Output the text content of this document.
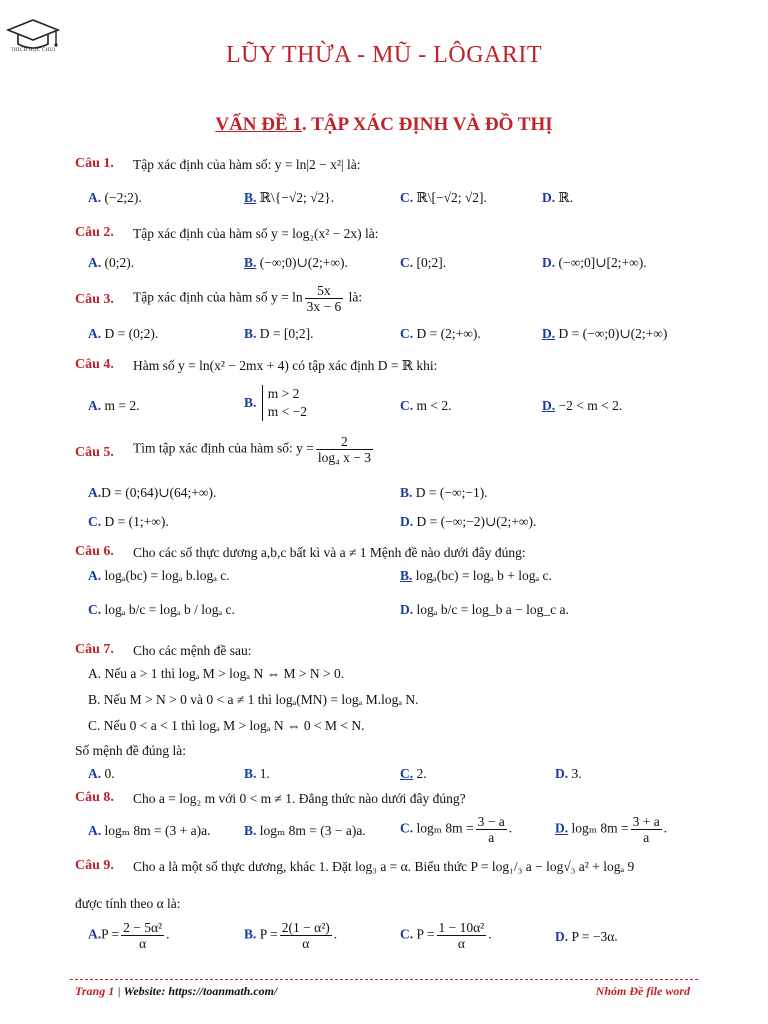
THÍCH HỌC CHUI	LŨY THỪA - MŨ - LÔGARIT
VẤN ĐỀ 1. TẬP XÁC ĐỊNH VÀ ĐỒ THỊ
Câu 1. Tập xác định của hàm số: y = ln|2 − x²| là:
A. (−2;2).	B. ℝ\{−√2; √2}.	C. ℝ\[−√2; √2].	D. ℝ.
Câu 2. Tập xác định của hàm số y = log₂(x² − 2x) là:
A. (0;2).	B. (−∞;0)∪(2;+∞).	C. [0;2].	D. (−∞;0]∪[2;+∞).
Câu 3. Tập xác định của hàm số $y = \ln \frac{5x}{3x - 6}$ là:
A. D = (0;2).	B. D = [0;2].	C. D = (2;+∞).	D. D = (−∞;0)∪(2;+∞)
Câu 4. Hàm số y = ln(x² − 2mx + 4) có tập xác định D = ℝ khi:
A. m = 2.	B.
m > 2
m < −2	C. m < 2.	D. −2 < m < 2.
Câu 5. Tìm tập xác định của hàm số: $y = \frac{2}{\text{log₄ x − 3}}$
A.D = (0;64)∪(64;+∞).	B. D = (−∞;−1).
C. D = (1;+∞).	D. D = (−∞;−2)∪(2;+∞).
Câu 6. Cho các số thực dương a,b,c bất kì và a ≠ 1 Mệnh đề nào dưới đây đúng:
A. logₐ(bc) = logₐ b.logₐ c.	B. logₐ(bc) = logₐ b + logₐ c.
C. logₐ b/c = logₐ b / logₐ c.	D. logₐ b/c = log_b a − log_c a.
Câu 7. Cho các mệnh đề sau:
A. Nếu a > 1 thì logₐ M > logₐ N ⇔ M > N > 0.
B. Nếu M > N > 0 và 0 < a ≠ 1 thì logₐ(MN) = logₐ M.logₐ N.
C. Nếu 0 < a < 1 thì logₐ M > logₐ N ⇔ 0 < M < N.
Số mệnh đề đúng là:
A. 0.	B. 1.	C. 2.	D. 3.
Câu 8. Cho a = log₂ m với 0 < m ≠ 1. Đẳng thức nào dưới đây đúng?
A. logₘ 8m = (3 + a)a. B. logₘ 8m = (3 − a)a.	C. logₘ $8m = \frac{3 - a}{a}$ .	D. logₘ $8m = \frac{3 + a}{a}$ .
Câu 9. Cho a là một số thực dương, khác 1. Đặt log₃ a = α. Biểu thức P = log₁/₃ a − log√₃ a² + logₐ 9
được tính theo α là:
$A.P = \frac{\text{2 − 5α²}}{\alpha}$ .	B. $P = \frac{\text{2(1 − α²)}}{\alpha}$ .	C. $P = \frac{\text{1 − 10α²}}{\alpha}$ .	D. P = −3α.
Trang 1 | Website: https://toanmath.com/	Nhóm Đề file word
